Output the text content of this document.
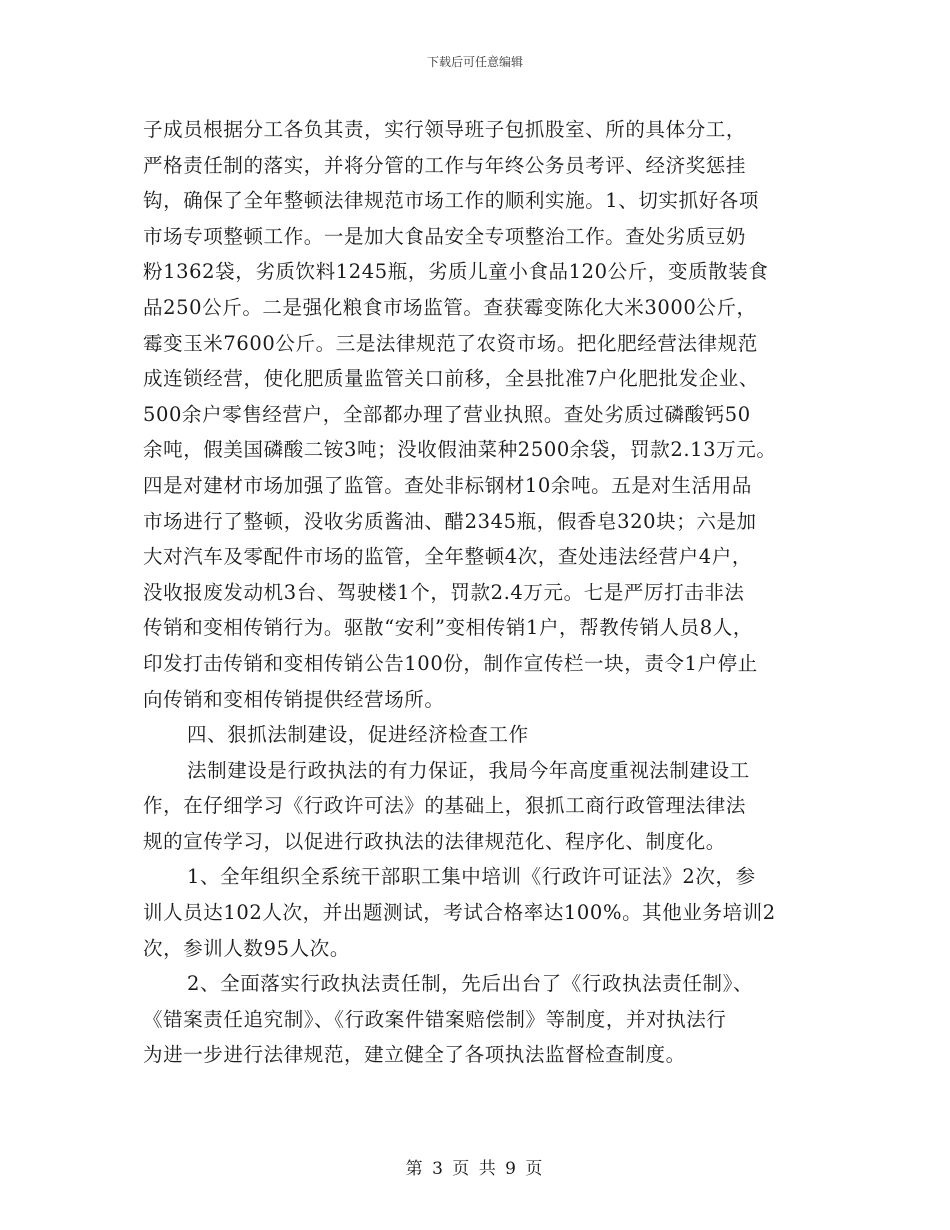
下载后可任意编辑
子成员根据分工各负其责，实行领导班子包抓股室、所的具体分工，
严格责任制的落实，并将分管的工作与年终公务员考评、经济奖惩挂
钩，确保了全年整顿法律规范市场工作的顺利实施。1、切实抓好各项
市场专项整顿工作。一是加大食品安全专项整治工作。查处劣质豆奶
粉1362袋，劣质饮料1245瓶，劣质儿童小食品120公斤，变质散装食
品250公斤。二是强化粮食市场监管。查获霉变陈化大米3000公斤，
霉变玉米7600公斤。三是法律规范了农资市场。把化肥经营法律规范
成连锁经营，使化肥质量监管关口前移，全县批准7户化肥批发企业、
500余户零售经营户，全部都办理了营业执照。查处劣质过磷酸钙50
余吨，假美国磷酸二铵3吨；没收假油菜种2500余袋，罚款2.13万元。
四是对建材市场加强了监管。查处非标钢材10余吨。五是对生活用品
市场进行了整顿，没收劣质酱油、醋2345瓶，假香皂320块；六是加
大对汽车及零配件市场的监管，全年整顿4次，查处违法经营户4户，
没收报废发动机3台、驾驶楼1个，罚款2.4万元。七是严厉打击非法
传销和变相传销行为。驱散“安利”变相传销1户，帮教传销人员8人，
印发打击传销和变相传销公告100份，制作宣传栏一块，责令1户停止
向传销和变相传销提供经营场所。
四、狠抓法制建设，促进经济检查工作
法制建设是行政执法的有力保证，我局今年高度重视法制建设工
作，在仔细学习《行政许可法》的基础上，狠抓工商行政管理法律法
规的宣传学习，以促进行政执法的法律规范化、程序化、制度化。
1、全年组织全系统干部职工集中培训《行政许可证法》2次，参
训人员达102人次，并出题测试，考试合格率达100%。其他业务培训2
次，参训人数95人次。
2、全面落实行政执法责任制，先后出台了《行政执法责任制》、
《错案责任追究制》、《行政案件错案赔偿制》等制度，并对执法行
为进一步进行法律规范，建立健全了各项执法监督检查制度。
第 3 页 共 9 页
